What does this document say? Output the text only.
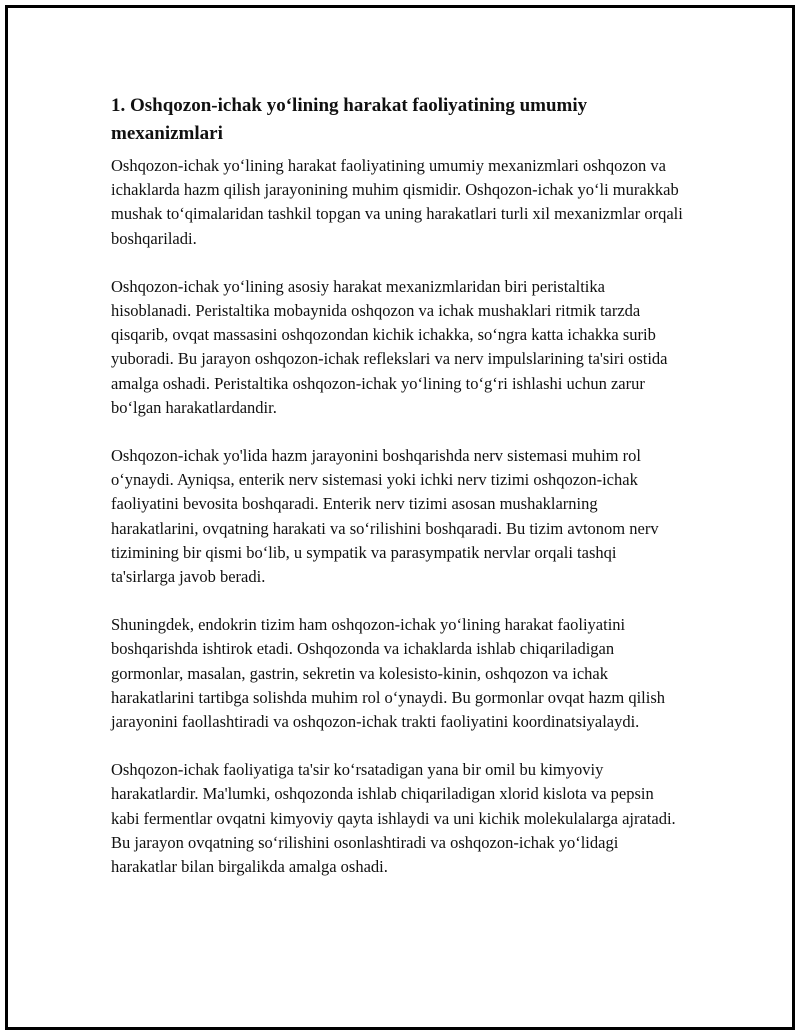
1. Oshqozon-ichak yo‘lining harakat faoliyatining umumiy mexanizmlari

Oshqozon-ichak yo‘lining harakat faoliyatining umumiy mexanizmlari oshqozon va ichaklarda hazm qilish jarayonining muhim qismidir. Oshqozon-ichak yo‘li murakkab mushak to‘qimalaridan tashkil topgan va uning harakatlari turli xil mexanizmlar orqali boshqariladi.

Oshqozon-ichak yo‘lining asosiy harakat mexanizmlaridan biri peristaltika hisoblanadi. Peristaltika mobaynida oshqozon va ichak mushaklari ritmik tarzda qisqarib, ovqat massasini oshqozondan kichik ichakka, so‘ngra katta ichakka surib yuboradi. Bu jarayon oshqozon-ichak reflekslari va nerv impulslarining ta'siri ostida amalga oshadi. Peristaltika oshqozon-ichak yo‘lining to‘g‘ri ishlashi uchun zarur bo‘lgan harakatlardandir.

Oshqozon-ichak yo'lida hazm jarayonini boshqarishda nerv sistemasi muhim rol o‘ynaydi. Ayniqsa, enterik nerv sistemasi yoki ichki nerv tizimi oshqozon-ichak faoliyatini bevosita boshqaradi. Enterik nerv tizimi asosan mushaklarning harakatlarini, ovqatning harakati va so‘rilishini boshqaradi. Bu tizim avtonom nerv tizimining bir qismi bo‘lib, u sympatik va parasympatik nervlar orqali tashqi ta'sirlarga javob beradi.

Shuningdek, endokrin tizim ham oshqozon-ichak yo‘lining harakat faoliyatini boshqarishda ishtirok etadi. Oshqozonda va ichaklarda ishlab chiqariladigan gormonlar, masalan, gastrin, sekretin va kolesisto-kinin, oshqozon va ichak harakatlarini tartibga solishda muhim rol o‘ynaydi. Bu gormonlar ovqat hazm qilish jarayonini faollashtiradi va oshqozon-ichak trakti faoliyatini koordinatsiyalaydi.

Oshqozon-ichak faoliyatiga ta'sir ko‘rsatadigan yana bir omil bu kimyoviy harakatlardir. Ma'lumki, oshqozonda ishlab chiqariladigan xlorid kislota va pepsin kabi fermentlar ovqatni kimyoviy qayta ishlaydi va uni kichik molekulalarga ajratadi. Bu jarayon ovqatning so‘rilishini osonlashtiradi va oshqozon-ichak yo‘lidagi harakatlar bilan birgalikda amalga oshadi.
